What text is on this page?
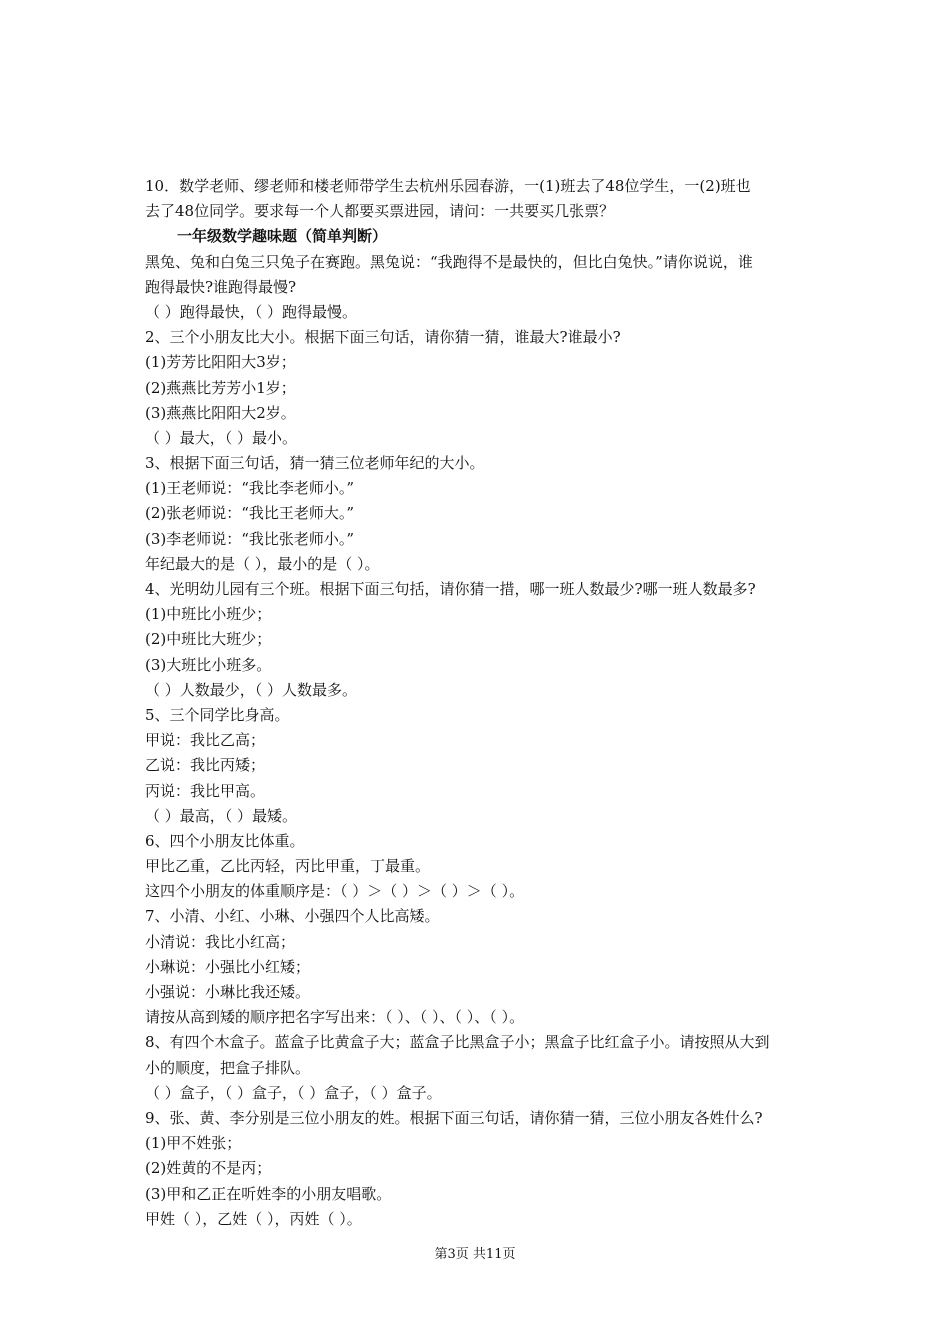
10．数学老师、缪老师和楼老师带学生去杭州乐园春游，一(1)班去了48位学生，一(2)班也
去了48位同学。要求每一个人都要买票进园，请问：一共要买几张票？
一年级数学趣味题（简单判断）
黑兔、兔和白兔三只兔子在赛跑。黑兔说：“我跑得不是最快的，但比白兔快。”请你说说，谁
跑得最快?谁跑得最慢?
（ ）跑得最快，（ ）跑得最慢。
2、三个小朋友比大小。根据下面三句话，请你猜一猜，谁最大?谁最小?
(1)芳芳比阳阳大3岁；
(2)燕燕比芳芳小1岁；
(3)燕燕比阳阳大2岁。
（ ）最大，（ ）最小。
3、根据下面三句话，猜一猜三位老师年纪的大小。
(1)王老师说：“我比李老师小。”
(2)张老师说：“我比王老师大。”
(3)李老师说：“我比张老师小。”
年纪最大的是（ ），最小的是（ ）。
4、光明幼儿园有三个班。根据下面三句括，请你猜一措，哪一班人数最少?哪一班人数最多?
(1)中班比小班少；
(2)中班比大班少；
(3)大班比小班多。
（ ）人数最少，（ ）人数最多。
5、三个同学比身高。
甲说：我比乙高；
乙说：我比丙矮；
丙说：我比甲高。
（ ）最高，（ ）最矮。
6、四个小朋友比体重。
甲比乙重，乙比丙轻，丙比甲重，丁最重。
这四个小朋友的体重顺序是：（ ）＞（ ）＞（ ）＞（ ）。
7、小清、小红、小琳、小强四个人比高矮。
小清说：我比小红高；
小琳说：小强比小红矮；
小强说：小琳比我还矮。
请按从高到矮的顺序把名字写出来：（ ）、（ ）、（ ）、（ ）。
8、有四个木盒子。蓝盒子比黄盒子大；蓝盒子比黑盒子小；黑盒子比红盒子小。请按照从大到
小的顺度，把盒子排队。
（ ）盒子，（ ）盒子，（ ）盒子，（ ）盒子。
9、张、黄、李分别是三位小朋友的姓。根据下面三句话，请你猜一猜，三位小朋友各姓什么?
(1)甲不姓张；
(2)姓黄的不是丙；
(3)甲和乙正在听姓李的小朋友唱歌。
甲姓（ ），乙姓（ ），丙姓（ ）。
第3页 共11页
